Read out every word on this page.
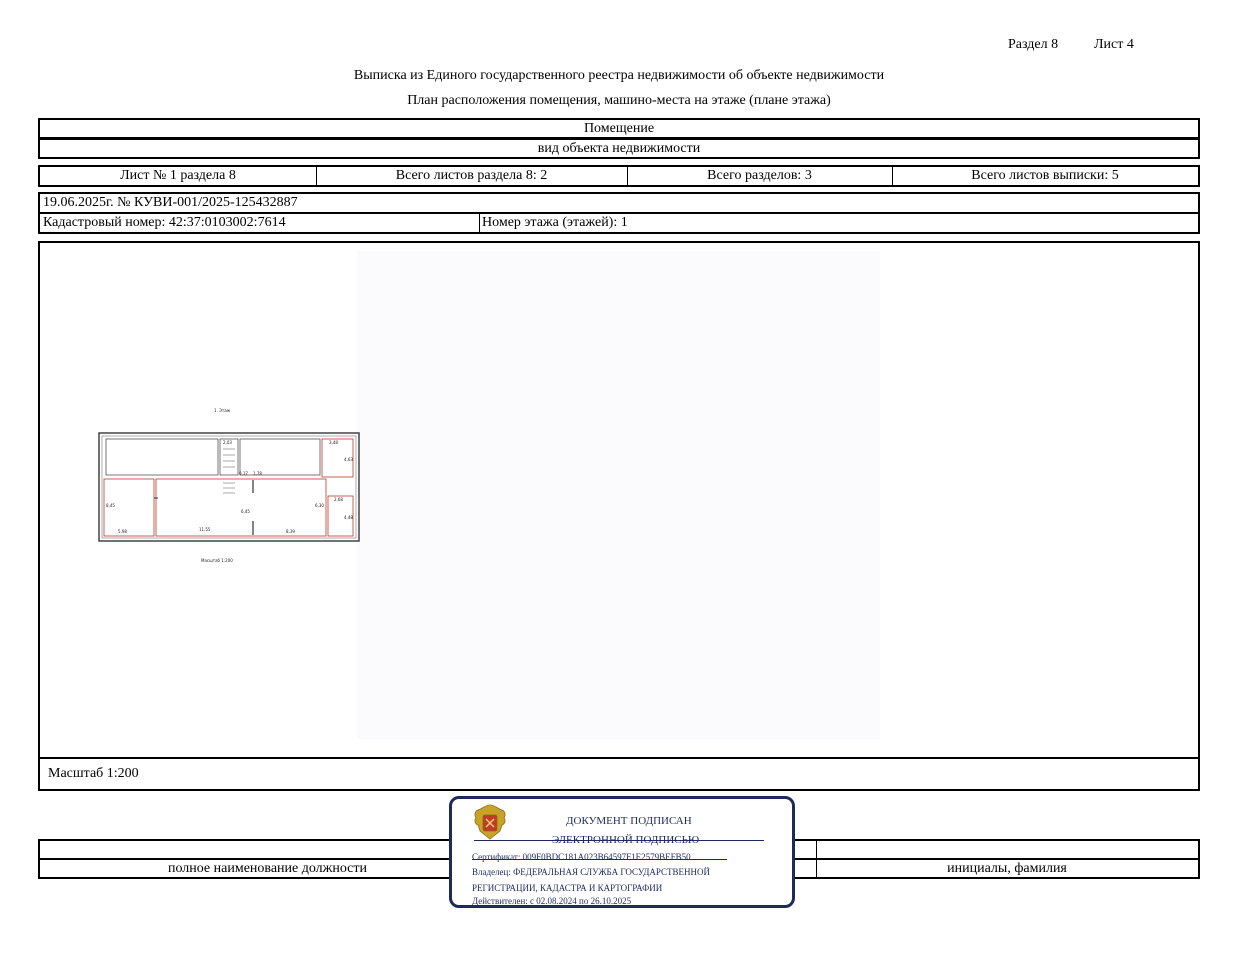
Раздел 8	Лист 4
Выписка из Единого государственного реестра недвижимости об объекте недвижимости
План расположения помещения, машино-места на этаже (плане этажа)
Помещение
вид объекта недвижимости
Лист № 1 раздела 8	Всего листов раздела 8: 2	Всего разделов: 3	Всего листов выписки: 5
19.06.2025г. № КУВИ-001/2025-125432887
Кадастровый номер: 42:37:0103002:7614	Номер этажа (этажей): 1
1. Этаж
2,03	3,48
4,63
0,17 1,78
8,45
6,45
6,30
2,68
4,48
5,98	11,55	8,39
Масштаб 1:200
Масштаб 1:200
полное наименование должности	инициалы, фамилия
ДОКУМЕНТ ПОДПИСАН
ЭЛЕКТРОННОЙ ПОДПИСЬЮ
Сертификат: 009F0BDC181A023B64597F1E2579BEFB50
Владелец: ФЕДЕРАЛЬНАЯ СЛУЖБА ГОСУДАРСТВЕННОЙ
РЕГИСТРАЦИИ, КАДАСТРА И КАРТОГРАФИИ
Действителен: с 02.08.2024 по 26.10.2025
